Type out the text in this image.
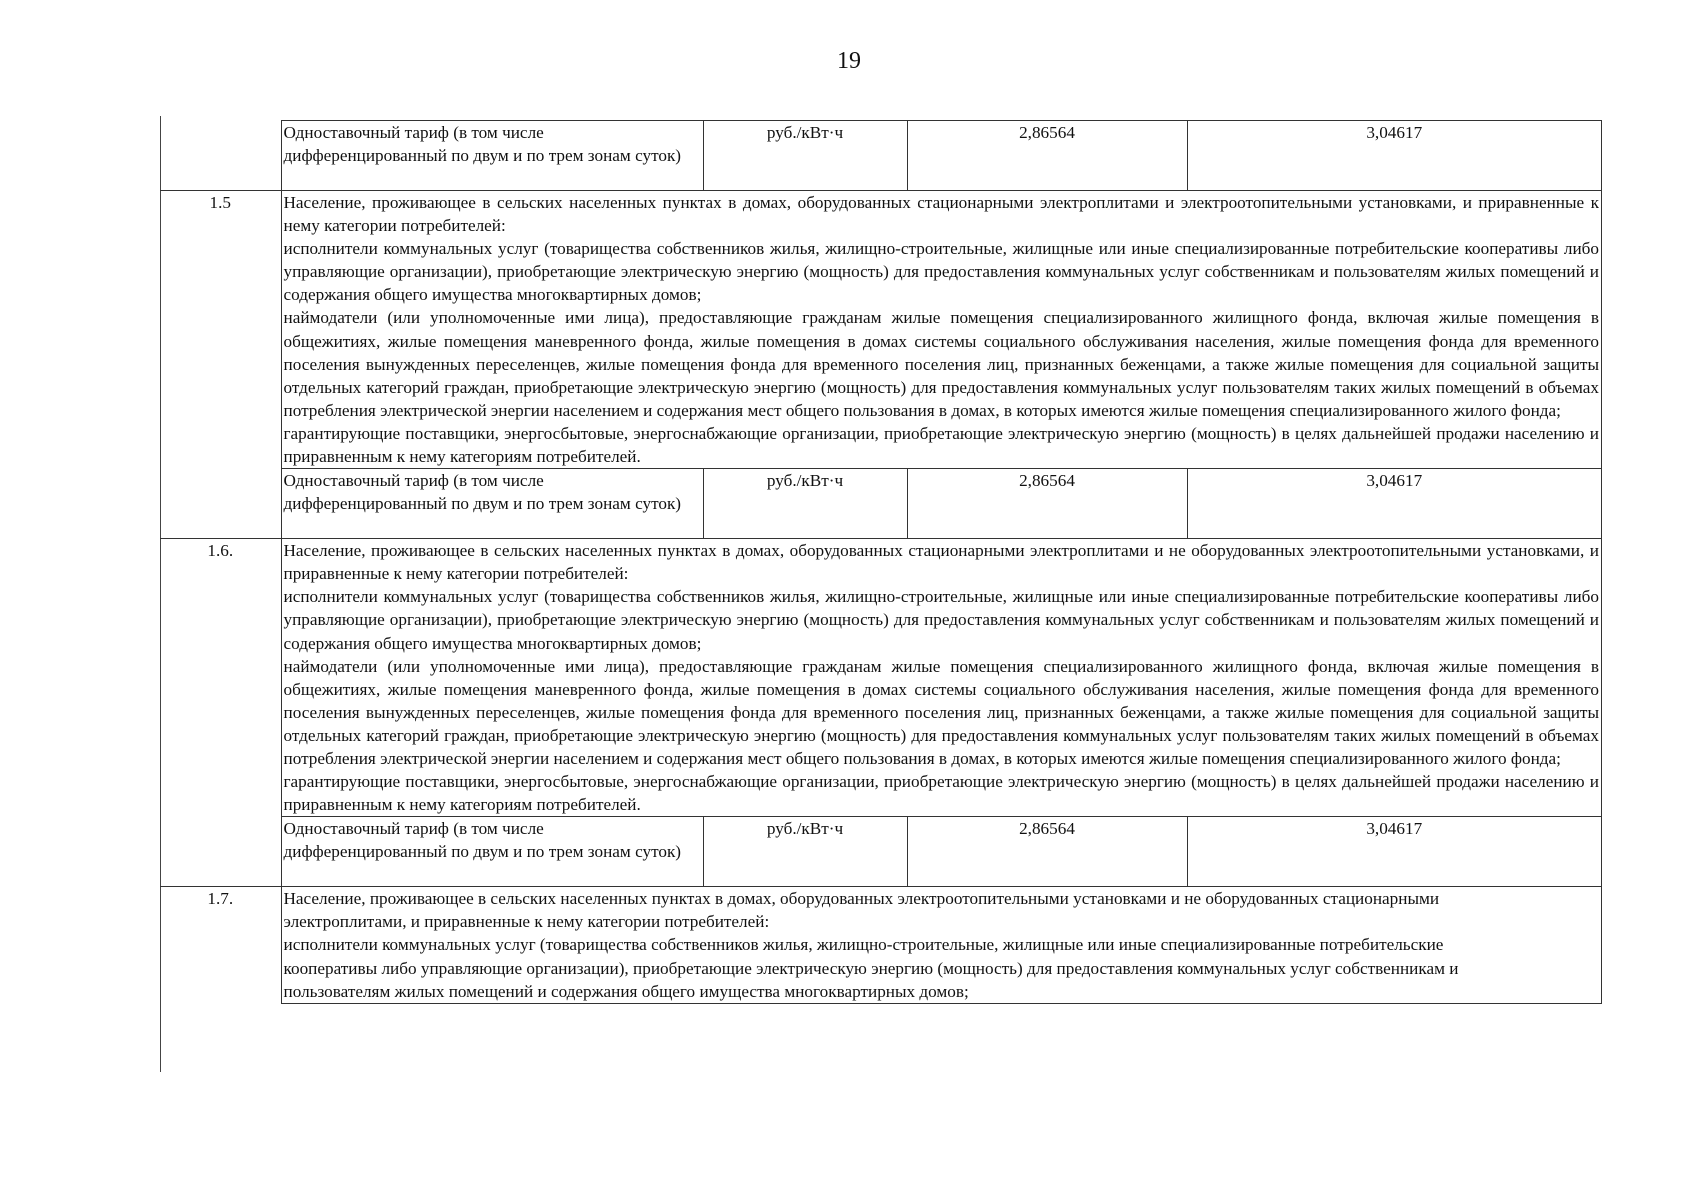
19
	Одноставочный тариф (в том числе дифференцированный по двум и по трем зонам суток)	руб./кВт·ч	2,86564	3,04617
1.5	Население, проживающее в сельских населенных пунктах в домах, оборудованных стационарными электроплитами и электроотопительными установками, и приравненные к нему категории потребителей:

исполнители коммунальных услуг (товарищества собственников жилья, жилищно-строительные, жилищные или иные специализированные потребительские кооперативы либо управляющие организации), приобретающие электрическую энергию (мощность) для предоставления коммунальных услуг собственникам и пользователям жилых помещений и содержания общего имущества многоквартирных домов;

наймодатели (или уполномоченные ими лица), предоставляющие гражданам жилые помещения специализированного жилищного фонда, включая жилые помещения в общежитиях, жилые помещения маневренного фонда, жилые помещения в домах системы социального обслуживания населения, жилые помещения фонда для временного поселения вынужденных переселенцев, жилые помещения фонда для временного поселения лиц, признанных беженцами, а также жилые помещения для социальной защиты отдельных категорий граждан, приобретающие электрическую энергию (мощность) для предоставления коммунальных услуг пользователям таких жилых помещений в объемах потребления электрической энергии населением и содержания мест общего пользования в домах, в которых имеются жилые помещения специализированного жилого фонда;

гарантирующие поставщики, энергосбытовые, энергоснабжающие организации, приобретающие электрическую энергию (мощность) в целях дальнейшей продажи населению и приравненным к нему категориям потребителей.			

	Одноставочный тариф (в том числе дифференцированный по двум и по трем зонам суток)	руб./кВт·ч	2,86564	3,04617
1.6.	Население, проживающее в сельских населенных пунктах в домах, оборудованных стационарными электроплитами и не оборудованных электроотопительными установками, и приравненные к нему категории потребителей:

исполнители коммунальных услуг (товарищества собственников жилья, жилищно-строительные, жилищные или иные специализированные потребительские кооперативы либо управляющие организации), приобретающие электрическую энергию (мощность) для предоставления коммунальных услуг собственникам и пользователям жилых помещений и содержания общего имущества многоквартирных домов;

наймодатели (или уполномоченные ими лица), предоставляющие гражданам жилые помещения специализированного жилищного фонда, включая жилые помещения в общежитиях, жилые помещения маневренного фонда, жилые помещения в домах системы социального обслуживания населения, жилые помещения фонда для временного поселения вынужденных переселенцев, жилые помещения фонда для временного поселения лиц, признанных беженцами, а также жилые помещения для социальной защиты отдельных категорий граждан, приобретающие электрическую энергию (мощность) для предоставления коммунальных услуг пользователям таких жилых помещений в объемах потребления электрической энергии населением и содержания мест общего пользования в домах, в которых имеются жилые помещения специализированного жилого фонда;

гарантирующие поставщики, энергосбытовые, энергоснабжающие организации, приобретающие электрическую энергию (мощность) в целях дальнейшей продажи населению и приравненным к нему категориям потребителей.			

	Одноставочный тариф (в том числе дифференцированный по двум и по трем зонам суток)	руб./кВт·ч	2,86564	3,04617
1.7.	Население, проживающее в сельских населенных пунктах в домах, оборудованных электроотопительными установками и не оборудованных стационарными электроплитами, и приравненные к нему категории потребителей:

исполнители коммунальных услуг (товарищества собственников жилья, жилищно-строительные, жилищные или иные специализированные потребительские кооперативы либо управляющие организации), приобретающие электрическую энергию (мощность) для предоставления коммунальных услуг собственникам и пользователям жилых помещений и содержания общего имущества многоквартирных домов;			
